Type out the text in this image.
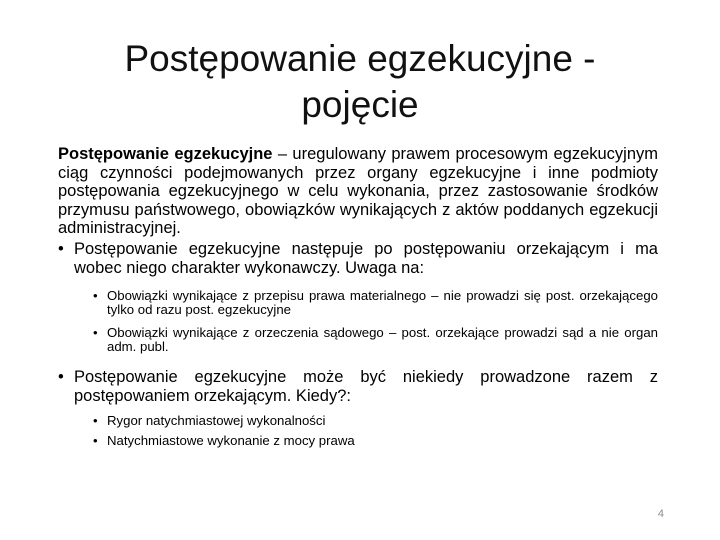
Postępowanie egzekucyjne -
pojęcie

Postępowanie egzekucyjne – uregulowany prawem procesowym egzekucyjnym ciąg czynności podejmowanych przez organy egzekucyjne i inne podmioty postępowania egzekucyjnego w celu wykonania, przez zastosowanie środków przymusu państwowego, obowiązków wynikających z aktów poddanych egzekucji administracyjnej.

• Postępowanie egzekucyjne następuje po postępowaniu orzekającym i ma wobec niego charakter wykonawczy. Uwaga na:
• Obowiązki wynikające z przepisu prawa materialnego – nie prowadzi się post. orzekającego tylko od razu post. egzekucyjne
• Obowiązki wynikające z orzeczenia sądowego – post. orzekające prowadzi sąd a nie organ adm. publ.
• Postępowanie egzekucyjne może być niekiedy prowadzone razem z postępowaniem orzekającym. Kiedy?:
• Rygor natychmiastowej wykonalności
• Natychmiastowe wykonanie z mocy prawa
4
